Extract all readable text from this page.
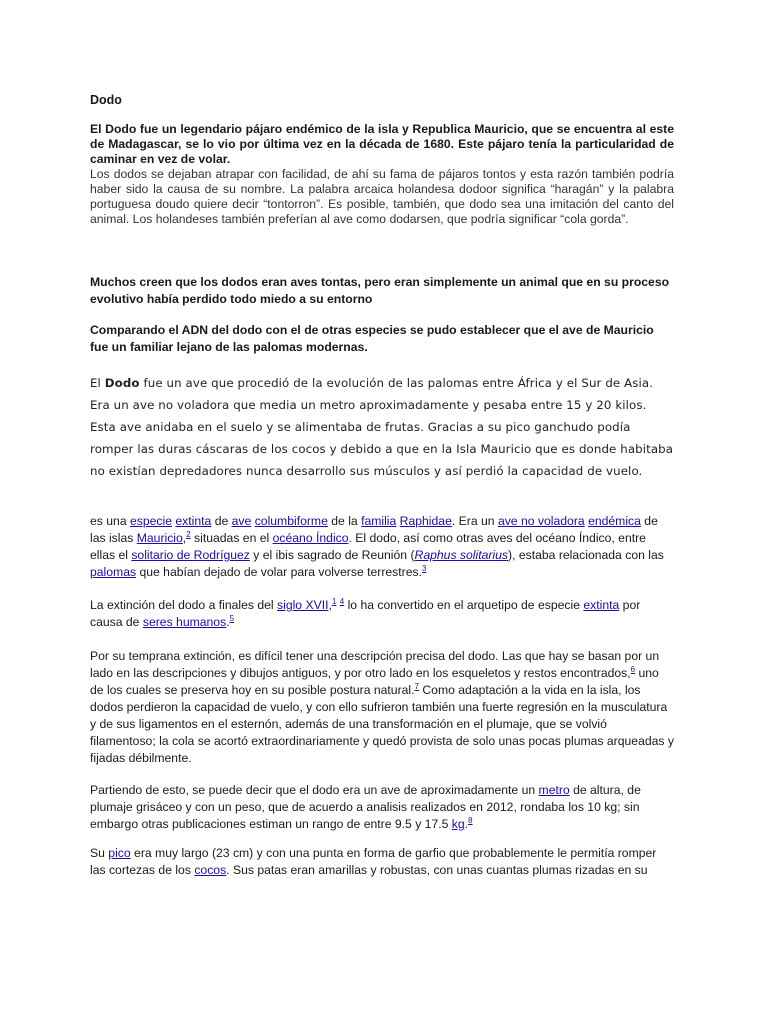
Dodo

El Dodo fue un legendario pájaro endémico de la isla y Republica Mauricio, que se encuentra al este de Madagascar, se lo vio por última vez en la década de 1680. Este pájaro tenía la particularidad de caminar en vez de volar.
Los dodos se dejaban atrapar con facilidad, de ahí su fama de pájaros tontos y esta razón también podría haber sido la causa de su nombre. La palabra arcaica holandesa dodoor significa “haragán” y la palabra portuguesa doudo quiere decir “tontorron”. Es posible, también, que dodo sea una imitación del canto del animal. Los holandeses también preferían al ave como dodarsen, que podría significar “cola gorda”.

Muchos creen que los dodos eran aves tontas, pero eran simplemente un animal que en su proceso evolutivo había perdido todo miedo a su entorno

Comparando el ADN del dodo con el de otras especies se pudo establecer que el ave de Mauricio fue un familiar lejano de las palomas modernas.

El Dodo fue un ave que procedió de la evolución de las palomas entre África y el Sur de Asia. Era un ave no voladora que media un metro aproximadamente y pesaba entre 15 y 20 kilos. Esta ave anidaba en el suelo y se alimentaba de frutas. Gracias a su pico ganchudo podía romper las duras cáscaras de los cocos y debido a que en la Isla Mauricio que es donde habitaba no existían depredadores nunca desarrollo sus músculos y así perdió la capacidad de vuelo.

es una especie extinta de ave columbiforme de la familia Raphidae. Era un ave no voladora endémica de las islas Mauricio,$^2$ situadas en el océano Índico. El dodo, así como otras aves del océano Índico, entre ellas el solitario de Rodríguez y el ibis sagrado de Reunión (Raphus solitarius), estaba relacionada con las palomas que habían dejado de volar para volverse terrestres.$^3$

La extinción del dodo a finales del siglo XVII,$^1$ $^4$ lo ha convertido en el arquetipo de especie extinta por causa de seres humanos.$^5$

Por su temprana extinción, es difícil tener una descripción precisa del dodo. Las que hay se basan por un lado en las descripciones y dibujos antiguos, y por otro lado en los esqueletos y restos encontrados,$^6$ uno de los cuales se preserva hoy en su posible postura natural.$^7$ Como adaptación a la vida en la isla, los dodos perdieron la capacidad de vuelo, y con ello sufrieron también una fuerte regresión en la musculatura y de sus ligamentos en el esternón, además de una transformación en el plumaje, que se volvió filamentoso; la cola se acortó extraordinariamente y quedó provista de solo unas pocas plumas arqueadas y fijadas débilmente.

Partiendo de esto, se puede decir que el dodo era un ave de aproximadamente un metro de altura, de plumaje grisáceo y con un peso, que de acuerdo a analisis realizados en 2012, rondaba los 10 kg; sin embargo otras publicaciones estiman un rango de entre 9.5 y 17.5 kg.$^8$

Su pico era muy largo (23 cm) y con una punta en forma de garfio que probablemente le permitía romper las cortezas de los cocos. Sus patas eran amarillas y robustas, con unas cuantas plumas rizadas en su
